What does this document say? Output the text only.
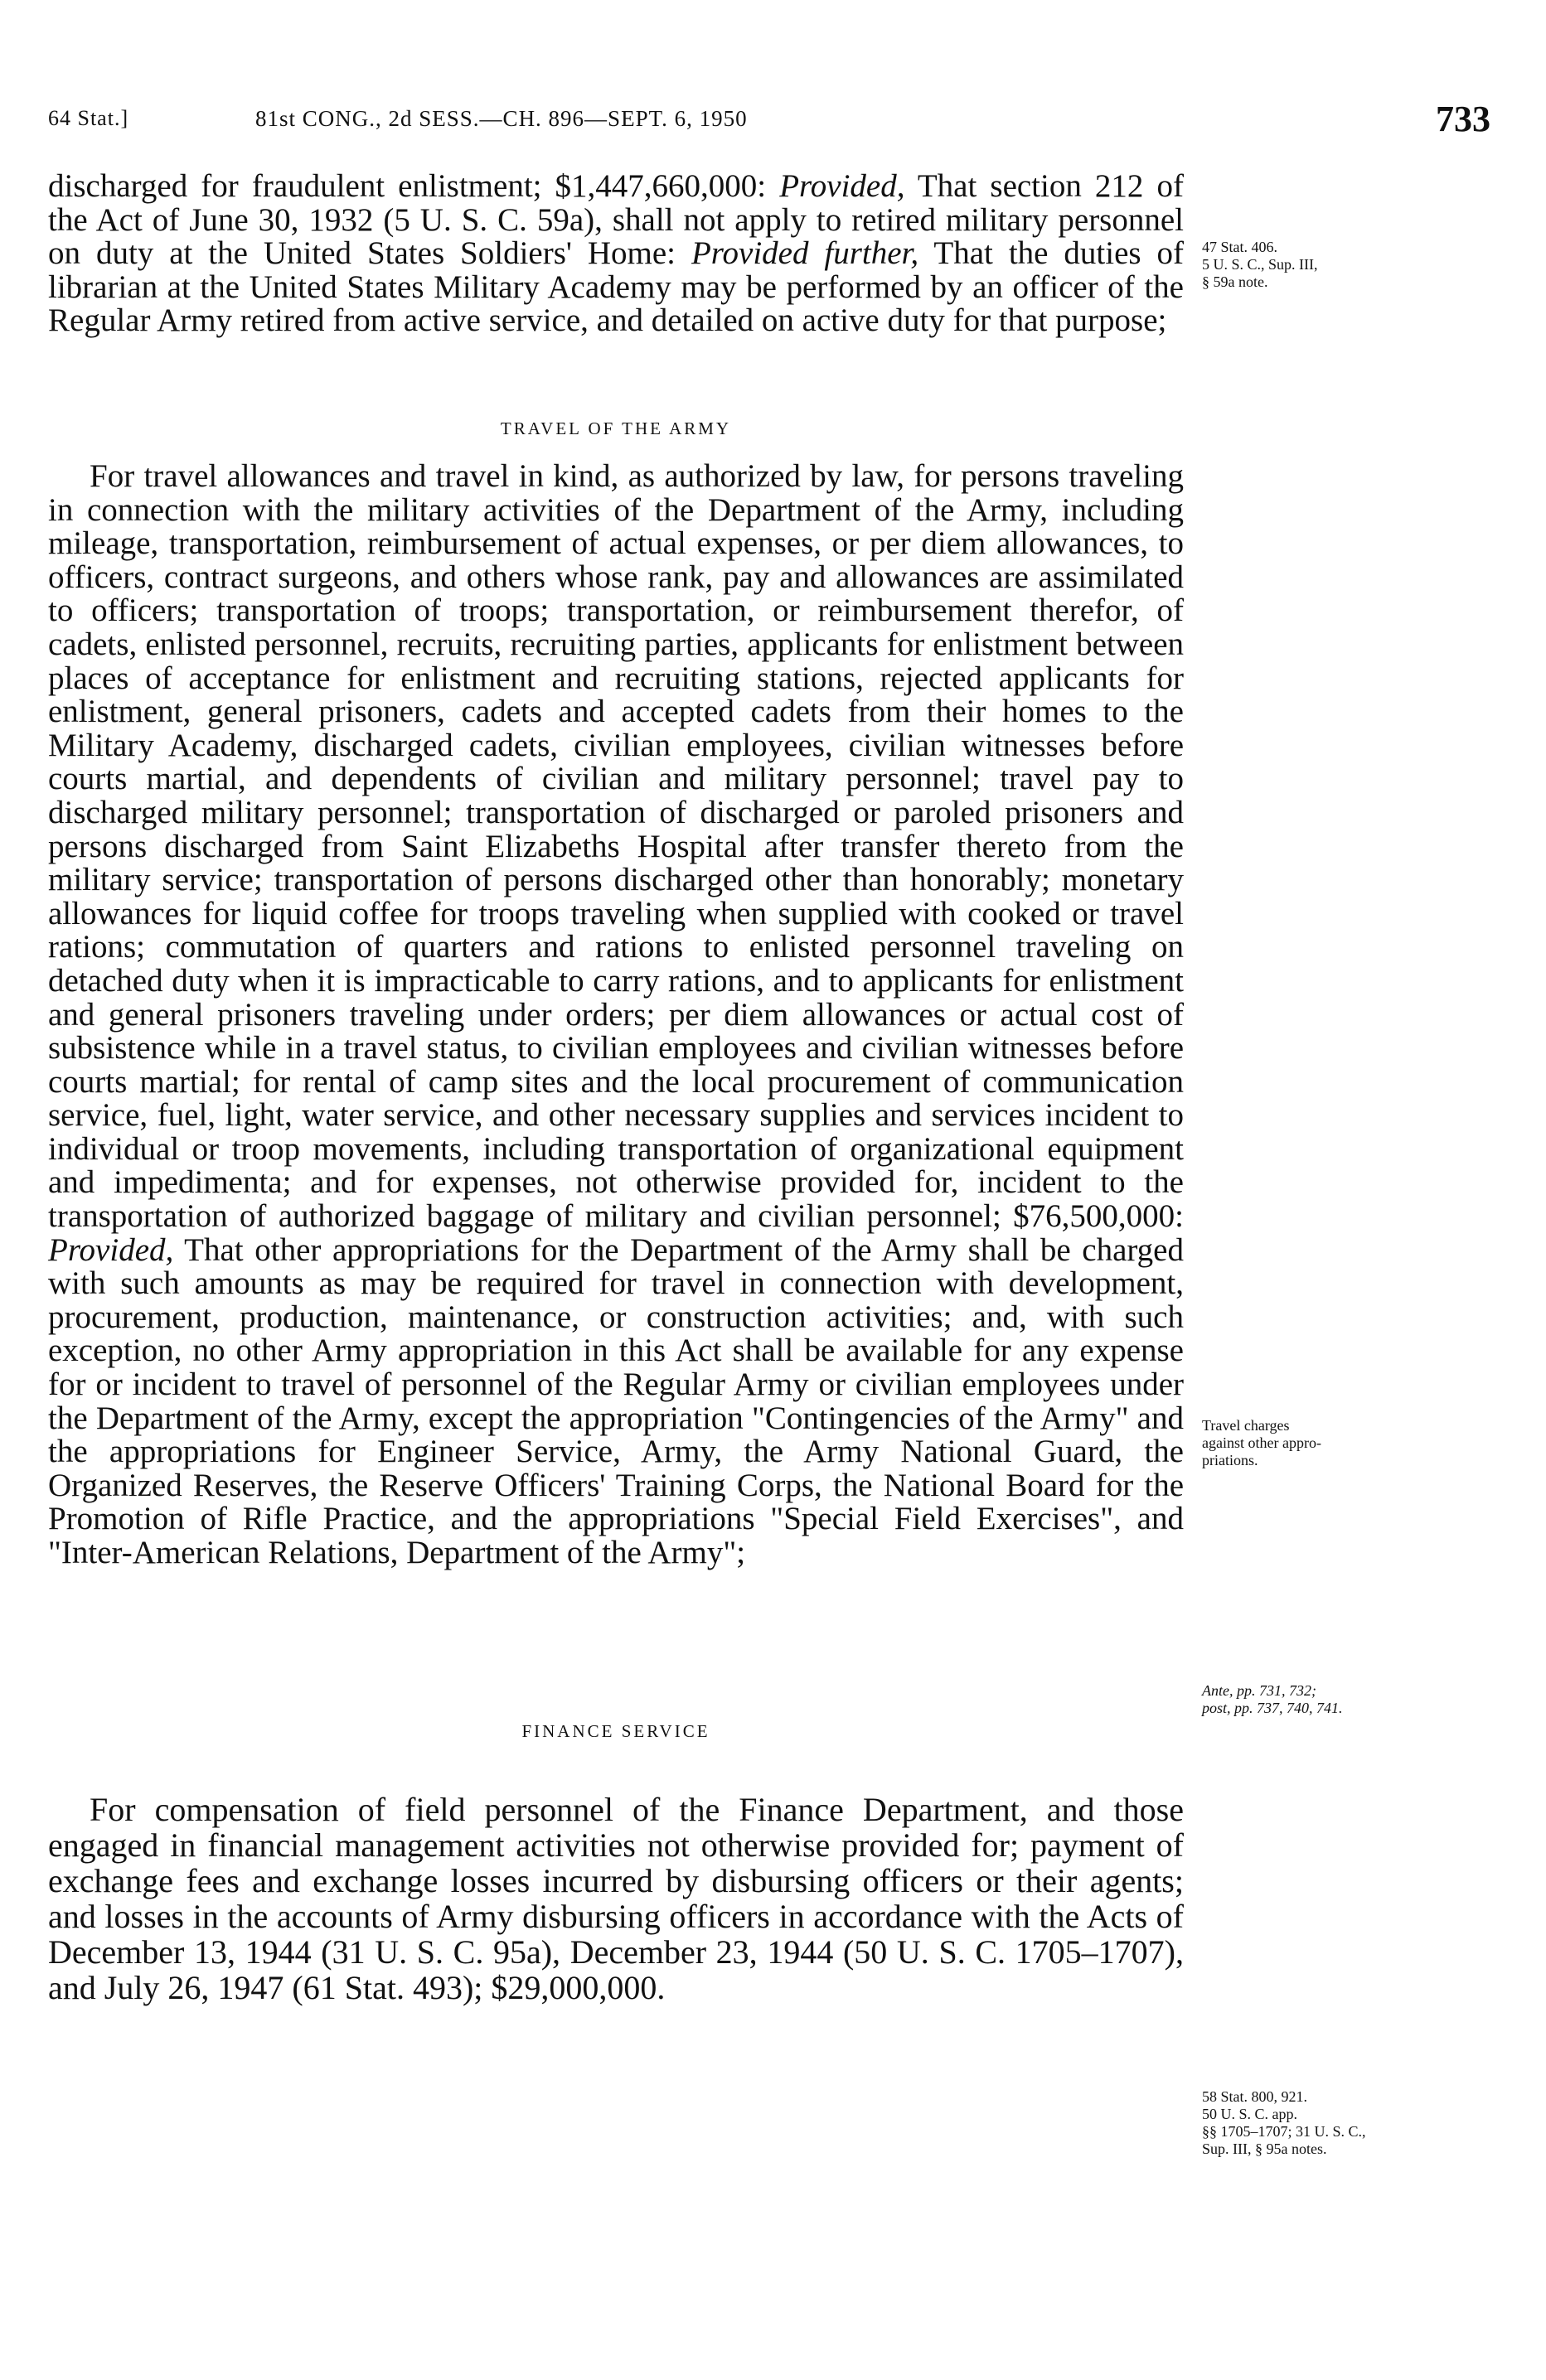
64 Stat.]	81st CONG., 2d SESS.—CH. 896—SEPT. 6, 1950	733

discharged for fraudulent enlistment; $1,447,660,000: Provided, That section 212 of the Act of June 30, 1932 (5 U. S. C. 59a), shall not apply to retired military personnel on duty at the United States Soldiers' Home: Provided further, That the duties of librarian at the United States Military Academy may be performed by an officer of the Regular Army retired from active service, and detailed on active duty for that purpose;

TRAVEL OF THE ARMY

For travel allowances and travel in kind, as authorized by law, for persons traveling in connection with the military activities of the Department of the Army, including mileage, transportation, reimbursement of actual expenses, or per diem allowances, to officers, contract surgeons, and others whose rank, pay and allowances are assimilated to officers; transportation of troops; transportation, or reimbursement therefor, of cadets, enlisted personnel, recruits, recruiting parties, applicants for enlistment between places of acceptance for enlistment and recruiting stations, rejected applicants for enlistment, general prisoners, cadets and accepted cadets from their homes to the Military Academy, discharged cadets, civilian employees, civilian witnesses before courts martial, and dependents of civilian and military personnel; travel pay to discharged military personnel; transportation of discharged or paroled prisoners and persons discharged from Saint Elizabeths Hospital after transfer thereto from the military service; transportation of persons discharged other than honorably; monetary allowances for liquid coffee for troops traveling when supplied with cooked or travel rations; commutation of quarters and rations to enlisted personnel traveling on detached duty when it is impracticable to carry rations, and to applicants for enlistment and general prisoners traveling under orders; per diem allowances or actual cost of subsistence while in a travel status, to civilian employees and civilian witnesses before courts martial; for rental of camp sites and the local procurement of communication service, fuel, light, water service, and other necessary supplies and services incident to individual or troop movements, including transportation of organizational equipment and impedimenta; and for expenses, not otherwise provided for, incident to the transportation of authorized baggage of military and civilian personnel; $76,500,000: Provided, That other appropriations for the Department of the Army shall be charged with such amounts as may be required for travel in connection with development, procurement, production, maintenance, or construction activities; and, with such exception, no other Army appropriation in this Act shall be available for any expense for or incident to travel of personnel of the Regular Army or civilian employees under the Department of the Army, except the appropriation "Contingencies of the Army" and the appropriations for Engineer Service, Army, the Army National Guard, the Organized Reserves, the Reserve Officers' Training Corps, the National Board for the Promotion of Rifle Practice, and the appropriations "Special Field Exercises", and "Inter-American Relations, Department of the Army";

FINANCE SERVICE

For compensation of field personnel of the Finance Department, and those engaged in financial management activities not otherwise provided for; payment of exchange fees and exchange losses incurred by disbursing officers or their agents; and losses in the accounts of Army disbursing officers in accordance with the Acts of December 13, 1944 (31 U. S. C. 95a), December 23, 1944 (50 U. S. C. 1705–1707), and July 26, 1947 (61 Stat. 493); $29,000,000.

47 Stat. 406.
5 U. S. C., Sup. III,
§ 59a note.
Travel charges
against other appro-
priations.
Ante, pp. 731, 732;
post, pp. 737, 740, 741.
58 Stat. 800, 921.
50 U. S. C. app.
§§ 1705–1707; 31 U. S. C.,
Sup. III, § 95a notes.
